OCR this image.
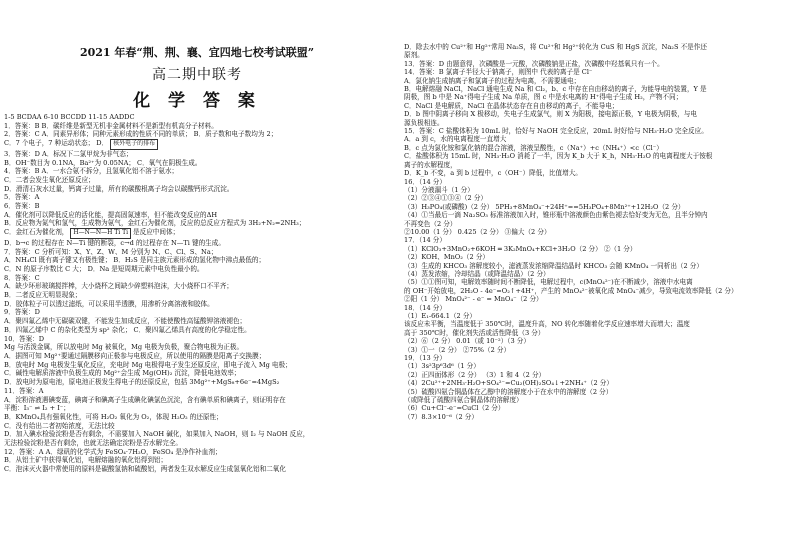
2021 年春“荆、荆、襄、宜四地七校考试联盟”
高二期中联考
化 学 答 案
1-5 BCDAA 6-10 BCCDD 11-15 AADDC
1．答案：B B．碳纤维是新型无机非金属材料不是新型有机高分子材料。
2．答案：C A．同素异形体；同种元素形成的性质不同的单质； B．质子数和电子数均为 2；
C．7 个电子，7 种运动状态； D． 核外电子的排布
3．答案：D A．标况下二氯甲烷为非气态；
B．OH⁻数目为 0.1NA，Ba²⁺为 0.05NA； C．氧气在阴极生成。
4．答案：B A．一水合氨不拆分，且氢氧化铝不溶于氨水；
C．二者会发生氧化还原反应；
D．滑清石灰水过量，钙离子过量，所有的碳酸根离子均会以碳酸钙形式沉淀。
5．答案：A
6．答案：B
A．催化剂可以降低反应的活化能，提高固氮速率，但不能改变反应的ΔH
B．反应物为氮气和氢气，生成物为氨气，金红石为催化剂，反应的总反应方程式为 3H₂+N₂=2NH₃；
C．金红石为催化剂， H—N—N—H Ti Ti 是反应中间体；
D．b→c 的过程存在 N—Ti 键的断裂，c→d 的过程存在 N—Ti 键的生成。
7．答案：C 分析可知：X、Y、Z、W、M 分别为 N、C、Cl、S、Na；
A．NH₄Cl 既有离子键又有极性键； B．H₂S 是同主族元素形成的氢化物中沸点最低的；
C．N 的原子序数比 C 大； D．Na 是短周期元素中电负性最小的。
8．答案：C
A．缺少环形玻璃搅拌棒，大小烧杯之间缺少碎塑料泡沫，大小烧杯口不平齐；
B．二者反应无明显现象；
D．胶体粒子可以透过滤纸，可以采用半透膜，用渗析分离溶液和胶体。
9．答案：D
A．聚四氟乙烯中无碳碳双键，不能发生加成反应，不能使酸性高锰酸钾溶液褪色；
B．四氟乙烯中 C 的杂化类型为 sp² 杂化； C．聚四氟乙烯具有高度的化学稳定性。
10．答案：D
Mg 与活泼金属，所以放电时 Mg 被氧化，Mg 电极为负极，聚合物电极为正极。
A．据图可知 Mg²⁺要通过隔膜移向正极参与电极反应，所以使用的隔膜是阳离子交换膜；
B．放电时 Mg 电极发生氧化反应，充电时 Mg 电极得电子发生还原反应，即电子流入 Mg 电极；
C．碱性电解质溶液中负极生成的 Mg²⁺会生成 Mg(OH)₂ 沉淀，降低电池效率；
D．放电时为原电池，原电池正极发生得电子的还原反应，包括 3Mg²⁺+MgS₈+6e⁻=4MgS₂
11．答案：A
A．淀粉溶液遇碘变蓝，碘离子和碘离子生成碘化碘氯色沉淀，含有碘单质和碘离子，则证明存在
平衡：I₃⁻ ⇌ I₂ + I⁻；
B．KMnO₄具有强氧化性，可将 H₂O₂ 氧化为 O₂，体现 H₂O₂ 的还原性；
C．没有给出二者初始浓度，无法比较
D．加入碘水检验淀粉是否有剩余，不需要加入 NaOH 碱化，如果加入 NaOH，则 I₂ 与 NaOH 反应，
无法检验淀粉是否有剩余，也就无法确定淀粉是否水解完全。
12．答案：A A．绿矾的化学式为 FeSO₄·7H₂O，FeSO₄ 是净作补血剂；
B．从铝土矿中获得氧化铝，电解熔融的氧化铝得到铝；
C．泡沫灭火器中常使用的原料是碳酸氢钠和硫酸铝，两者发生双水解反应生成氢氧化铝和二氧化
D．除去水中的 Cu²⁺和 Hg²⁺常用 Na₂S，将 Cu²⁺和 Hg²⁺转化为 CuS 和 HgS 沉淀，Na₂S 不是作还
原剂。
13．答案：D 由题意得，次磷酸是一元酸，次磷酸钠是正盐，次磷酸中羟基氧只有一个。
14．答案：B 氯离子半径大于钠离子，则图中 代表的离子是 Cl⁻
A．氯化钠生成钠离子和氯离子的过程为电离，不需要通电；
B．电解熔融 NaCl，NaCl 通电生成 Na 和 Cl₂，b、c 中存在自由移动的离子，为能导电的装置，Y 是
阴极，图 b 中是 Na⁺得电子生成 Na 单质，图 c 中是水电离的 H⁺得电子生成 H₂，产物不同；
C．NaCl 是电解质，NaCl 在晶体状态存在自由移动的离子，不能导电；
D．b 图中阴离子移向 X 极移动，失电子生成氯气，则 X 为阳极，接电源正极，Y 电极为阴极，与电
源负极相连。
15．答案：C 盐酸体积为 10mL 时，恰好与 NaOH 完全反应，20mL 时好恰与 NH₃·H₂O 完全反应。
A．a 到 c，水的电离程度一直增大
B．c 点为氯化铵和氯化钠的混合溶液，溶液呈酸性，c（Na⁺）+c（NH₄⁺）<c（Cl⁻）
C．盐酸体积为 15mL 时，NH₃·H₂O 消耗了一半，因为 K_b 大于 K_h，NH₃·H₂O 的电离程度大于铵根
离子的水解程度，
D．K_b 不变，a 到 b 过程中，c（OH⁻）降低，比值增大。
16．（14 分）
（1）分液漏斗（1 分）
（2）②③④①③④（2 分）
（3）H₃PO₄(或磷酸)（2 分） 5PH₃+8MnO₄⁻+24H⁺==5H₃PO₄+8Mn²⁺+12H₂O（2 分）
（4）①当最后一滴 Na₂SO₃ 标准溶液加入时，锥形瓶中溶液颜色由紫色褪去恰好变为无色，且半分钟内
不再变色（2 分）
②10.00（1 分） 0.425（2 分） ③偏大（2 分）
17．（14 分）
（1）KClO₃+3MnO₂+6KOH ═ 3K₂MnO₄+KCl+3H₂O（2 分） ②（1 分）
（2）KOH、MnO₂（2 分）
（3）生成的 KHCO₃ 溶解度较小，滤液蒸发浓缩降温结晶时 KHCO₃ 会随 KMnO₄ 一同析出（2 分）
（4）蒸发浓缩，冷却结晶（或降温结晶）（2 分）
（5）①①图可知，电解效率随时间不断降低，电解过程中，c(MnO₄²⁻)在不断减少，溶液中水电离
的 OH⁻开始放电，2H₂O - 4e⁻=O₂↑+4H⁺，产生的 MnO₄²⁻被氧化成 MnO₄⁻减少，导致电流效率降低（2 分）
②阳（1 分） MnO₄²⁻ - e⁻ = MnO₄⁻（2 分）
18．（14 分）
（1）E₁-664.1（2 分）
该反应未平衡，当温度低于 350℃时，温度升高，NO 转化率随着化学反应速率增大而增大；温度
高于 350℃时，催化剂失活或活性降低（3 分）
（2）⑥（2 分） 0.01（或 10⁻²）（3 分）
（3）①一（2 分） ②75%（2 分）
19．（13 分）
（1）3s²3p⁶3d⁶（1 分）
（2）正四面体形（2 分） （3）1 和 4（2 分）
（4）2Cu²⁺+2NH₃·H₂O+SO₄²⁻=Cu₂(OH)₂SO₄↓+2NH₄⁺（2 分）
（5）硫酸四氨合铜晶体在乙醇中的溶解度小于在水中的溶解度（2 分）
（或降低了硫酸四氨合铜晶体的溶解度）
（6）Cu+Cl⁻-e⁻=CuCl（2 分）
（7）8.3×10⁻⁶（2 分）
